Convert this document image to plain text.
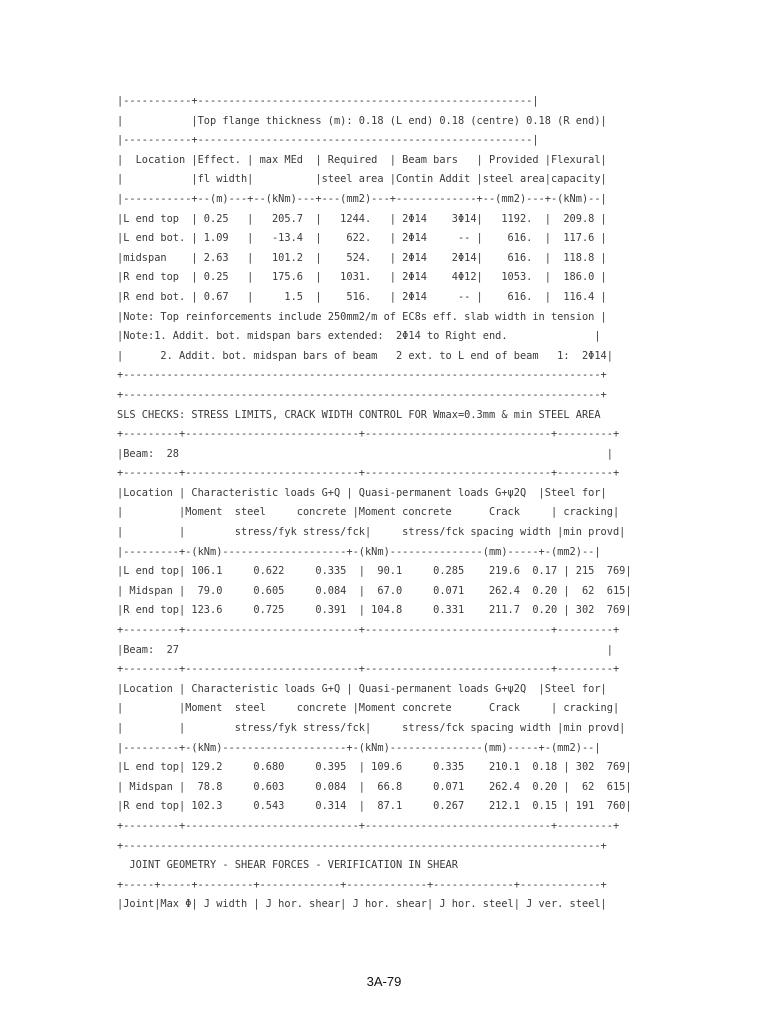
|-----------+------------------------------------------------------|
|           |Top flange thickness (m): 0.18 (L end) 0.18 (centre) 0.18 (R end)|
|-----------+------------------------------------------------------|
|  Location |Effect. | max MEd  | Required  | Beam bars   | Provided |Flexural|
|           |fl width|          |steel area |Contin Addit |steel area|capacity|
|-----------+--(m)---+--(kNm)---+---(mm2)---+-------------+--(mm2)---+-(kNm)--|
|L end top  | 0.25   |   205.7  |   1244.   | 2Φ14    3Φ14|   1192.  |  209.8 |
|L end bot. | 1.09   |   -13.4  |    622.   | 2Φ14     -- |    616.  |  117.6 |
|midspan    | 2.63   |   101.2  |    524.   | 2Φ14    2Φ14|    616.  |  118.8 |
|R end top  | 0.25   |   175.6  |   1031.   | 2Φ14    4Φ12|   1053.  |  186.0 |
|R end bot. | 0.67   |     1.5  |    516.   | 2Φ14     -- |    616.  |  116.4 |
|Note: Top reinforcements include 250mm2/m of EC8s eff. slab width in tension |
|Note:1. Addit. bot. midspan bars extended:  2Φ14 to Right end.              |
|      2. Addit. bot. midspan bars of beam   2 ext. to L end of beam   1:  2Φ14|
+-----------------------------------------------------------------------------+
+-----------------------------------------------------------------------------+
SLS CHECKS: STRESS LIMITS, CRACK WIDTH CONTROL FOR Wmax=0.3mm & min STEEL AREA
+---------+----------------------------+------------------------------+---------+
|Beam:  28                                                                     |
+---------+----------------------------+------------------------------+---------+
|Location | Characteristic loads G+Q | Quasi-permanent loads G+ψ2Q  |Steel for|
|         |Moment  steel     concrete |Moment concrete      Crack     | cracking|
|         |        stress/fyk stress/fck|     stress/fck spacing width |min provd|
|---------+-(kNm)--------------------+-(kNm)---------------(mm)-----+-(mm2)--|
|L end top| 106.1     0.622     0.335  |  90.1     0.285    219.6  0.17 | 215  769|
| Midspan |  79.0     0.605     0.084  |  67.0     0.071    262.4  0.20 |  62  615|
|R end top| 123.6     0.725     0.391  | 104.8     0.331    211.7  0.20 | 302  769|
+---------+----------------------------+------------------------------+---------+
|Beam:  27                                                                     |
+---------+----------------------------+------------------------------+---------+
|Location | Characteristic loads G+Q | Quasi-permanent loads G+ψ2Q  |Steel for|
|         |Moment  steel     concrete |Moment concrete      Crack     | cracking|
|         |        stress/fyk stress/fck|     stress/fck spacing width |min provd|
|---------+-(kNm)--------------------+-(kNm)---------------(mm)-----+-(mm2)--|
|L end top| 129.2     0.680     0.395  | 109.6     0.335    210.1  0.18 | 302  769|
| Midspan |  78.8     0.603     0.084  |  66.8     0.071    262.4  0.20 |  62  615|
|R end top| 102.3     0.543     0.314  |  87.1     0.267    212.1  0.15 | 191  760|
+---------+----------------------------+------------------------------+---------+
+-----------------------------------------------------------------------------+
JOINT GEOMETRY - SHEAR FORCES - VERIFICATION IN SHEAR
+-----+-----+---------+-------------+-------------+-------------+-------------+
|Joint|Max Φ| J width | J hor. shear| J hor. shear| J hor. steel| J ver. steel|
3A-79
